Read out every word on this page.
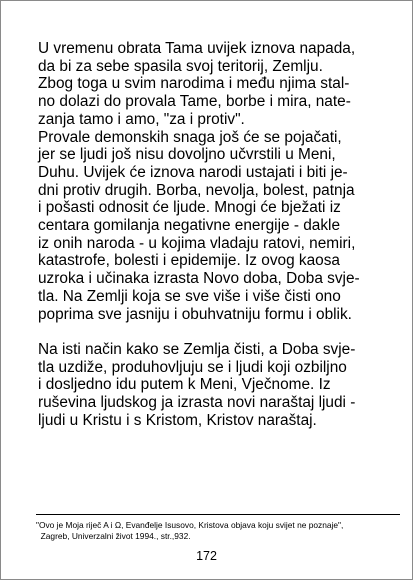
U vremenu obrata Tama uvijek iznova napada,
da bi za sebe spasila svoj teritorij, Zemlju.
Zbog toga u svim narodima i među njima stal-
no dolazi do provala Tame, borbe i mira, nate-
zanja tamo i amo, "za i protiv".

Provale demonskih snaga još će se pojačati,
jer se ljudi još nisu dovoljno učvrstili u Meni,
Duhu. Uvijek će iznova narodi ustajati i biti je-
dni protiv drugih. Borba, nevolja, bolest, patnja
i pošasti odnosit će ljude. Mnogi će bježati iz
centara gomilanja negativne energije - dakle
iz onih naroda - u kojima vladaju ratovi, nemiri,
katastrofe, bolesti i epidemije. Iz ovog kaosa
uzroka i učinaka izrasta Novo doba, Doba svje-
tla. Na Zemlji koja se sve više i više čisti ono
poprima sve jasniju i obuhvatniju formu i oblik.

Na isti način kako se Zemlja čisti, a Doba svje-
tla uzdiže, produhovljuju se i ljudi koji ozbiljno
i dosljedno idu putem k Meni, Vječnome. Iz
ruševina ljudskog ja izrasta novi naraštaj ljudi -
ljudi u Kristu i s Kristom, Kristov naraštaj.

"Ovo je Moja riječ A i Ω, Evanđelje Isusovo, Kristova objava koju svijet ne poznaje",
Zagreb, Univerzalni život 1994., str.,932.
172
